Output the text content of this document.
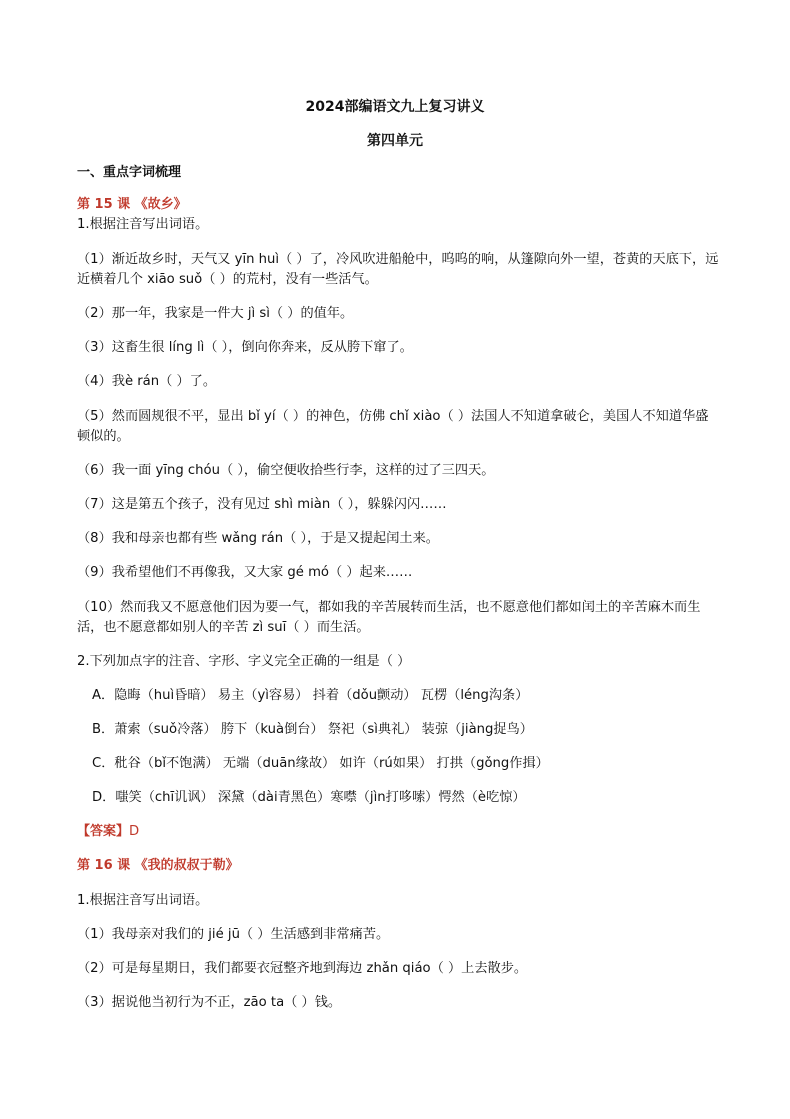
2024部编语文九上复习讲义
第四单元
一、重点字词梳理
第 15 课 《故乡》
1.根据注音写出词语。
（1）渐近故乡时，天气又 yīn huì（ ）了，冷风吹进船舱中，呜呜的响，从篷隙向外一望，苍黄的天底下，远近横着几个 xiāo suǒ（ ）的荒村，没有一些活气。
（2）那一年，我家是一件大 jì sì（ ）的值年。
（3）这畜生很 líng lì（ ），倒向你奔来，反从胯下窜了。
（4）我è rán（ ）了。
（5）然而圆规很不平，显出 bǐ yí（ ）的神色，仿佛 chǐ xiào（ ）法国人不知道拿破仑，美国人不知道华盛顿似的。
（6）我一面 yīng chóu（ ），偷空便收拾些行李，这样的过了三四天。
（7）这是第五个孩子，没有见过 shì miàn（ ），躲躲闪闪……
（8）我和母亲也都有些 wǎng rán（ ），于是又提起闰土来。
（9）我希望他们不再像我，又大家 gé mó（ ）起来……
（10）然而我又不愿意他们因为要一气，都如我的辛苦展转而生活，也不愿意他们都如闰土的辛苦麻木而生活，也不愿意都如别人的辛苦 zì suī（ ）而生活。
2.下列加点字的注音、字形、字义完全正确的一组是（ ）
A．隐晦（huì昏暗） 易主（yì容易） 抖着（dǒu颤动） 瓦楞（léng沟条）
B．萧索（suǒ冷落） 胯下（kuà倒台） 祭祀（sì典礼） 装弶（jiàng捉鸟）
C．秕谷（bǐ不饱满） 无端（duān缘故） 如许（rú如果） 打拱（gǒng作揖）
D．嗤笑（chī讥讽） 深黛（dài青黑色）寒噤（jìn打哆嗦）愕然（è吃惊）
【答案】D
第 16 课 《我的叔叔于勒》
1.根据注音写出词语。
（1）我母亲对我们的 jié jū（ ）生活感到非常痛苦。
（2）可是每星期日，我们都要衣冠整齐地到海边 zhǎn qiáo（ ）上去散步。
（3）据说他当初行为不正，zāo ta（ ）钱。
